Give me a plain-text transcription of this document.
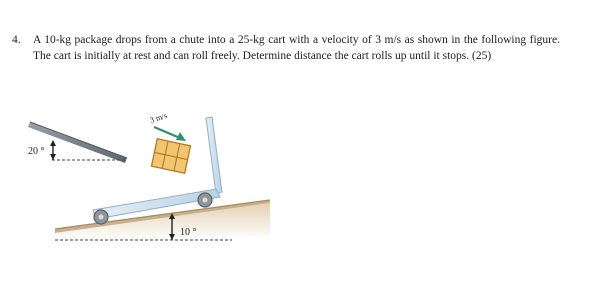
4. A 10-kg package drops from a chute into a 25-kg cart with a velocity of 3 m/s as shown in the following figure. The cart is initially at rest and can roll freely. Determine distance the cart rolls up until it stops. (25)
20 °
10 °
3 m/s
